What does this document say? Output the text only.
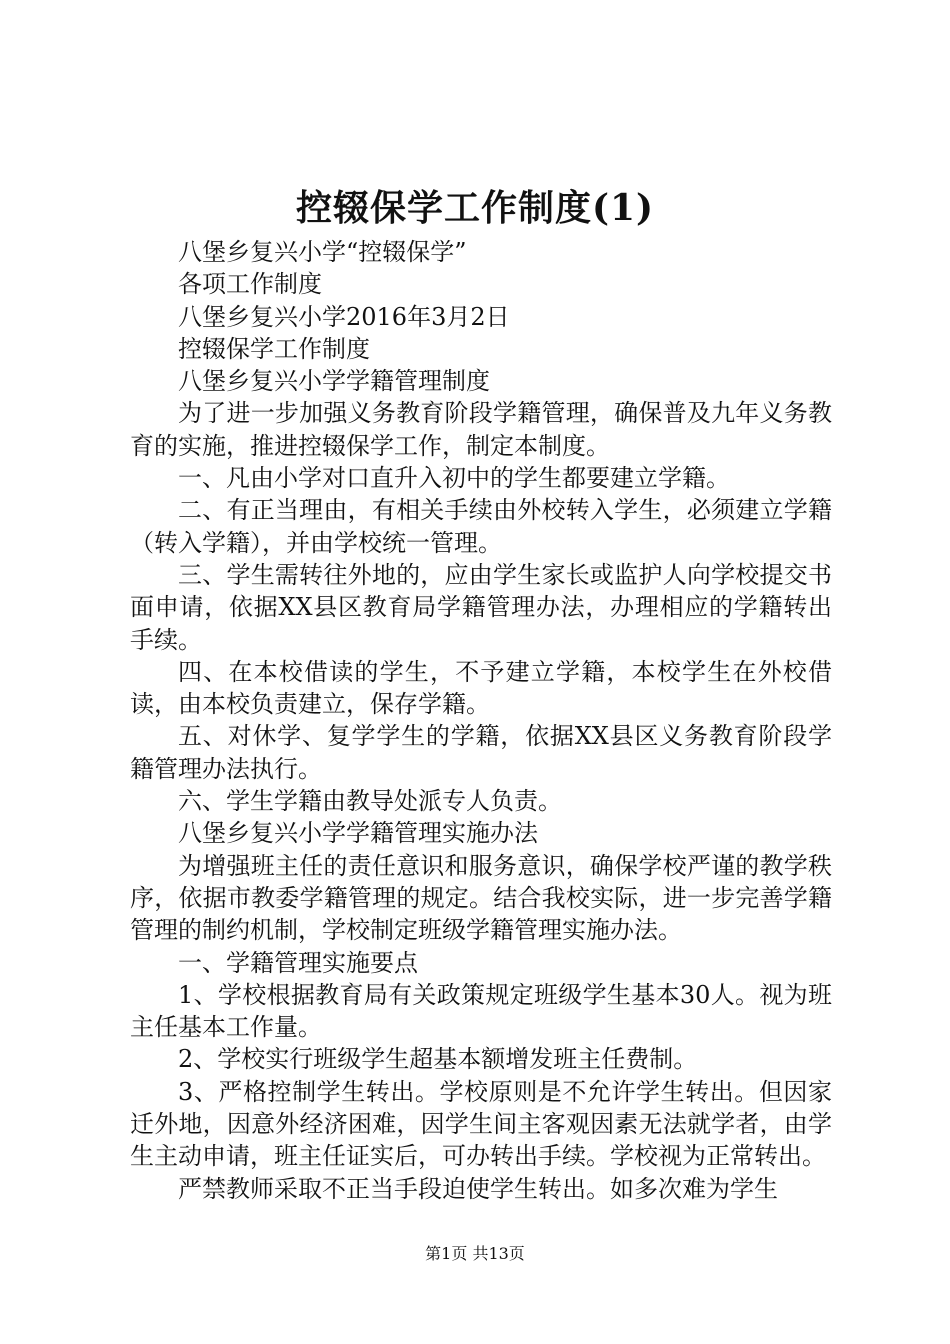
控辍保学工作制度(1)

八堡乡复兴小学“控辍保学”

各项工作制度

八堡乡复兴小学2016年3月2日

控辍保学工作制度

八堡乡复兴小学学籍管理制度

为了进一步加强义务教育阶段学籍管理，确保普及九年义务教育的实施，推进控辍保学工作，制定本制度。

一、凡由小学对口直升入初中的学生都要建立学籍。

二、有正当理由，有相关手续由外校转入学生，必须建立学籍（转入学籍），并由学校统一管理。

三、学生需转往外地的，应由学生家长或监护人向学校提交书面申请，依据XX县区教育局学籍管理办法，办理相应的学籍转出手续。

四、在本校借读的学生，不予建立学籍，本校学生在外校借读，由本校负责建立，保存学籍。

五、对休学、复学学生的学籍，依据XX县区义务教育阶段学籍管理办法执行。

六、学生学籍由教导处派专人负责。

八堡乡复兴小学学籍管理实施办法

为增强班主任的责任意识和服务意识，确保学校严谨的教学秩序，依据市教委学籍管理的规定。结合我校实际，进一步完善学籍管理的制约机制，学校制定班级学籍管理实施办法。

一、学籍管理实施要点

1、学校根据教育局有关政策规定班级学生基本30人。视为班主任基本工作量。

2、学校实行班级学生超基本额增发班主任费制。

3、严格控制学生转出。学校原则是不允许学生转出。但因家迁外地，因意外经济困难，因学生间主客观因素无法就学者，由学生主动申请，班主任证实后，可办转出手续。学校视为正常转出。

严禁教师采取不正当手段迫使学生转出。如多次难为学生

第1页 共13页
